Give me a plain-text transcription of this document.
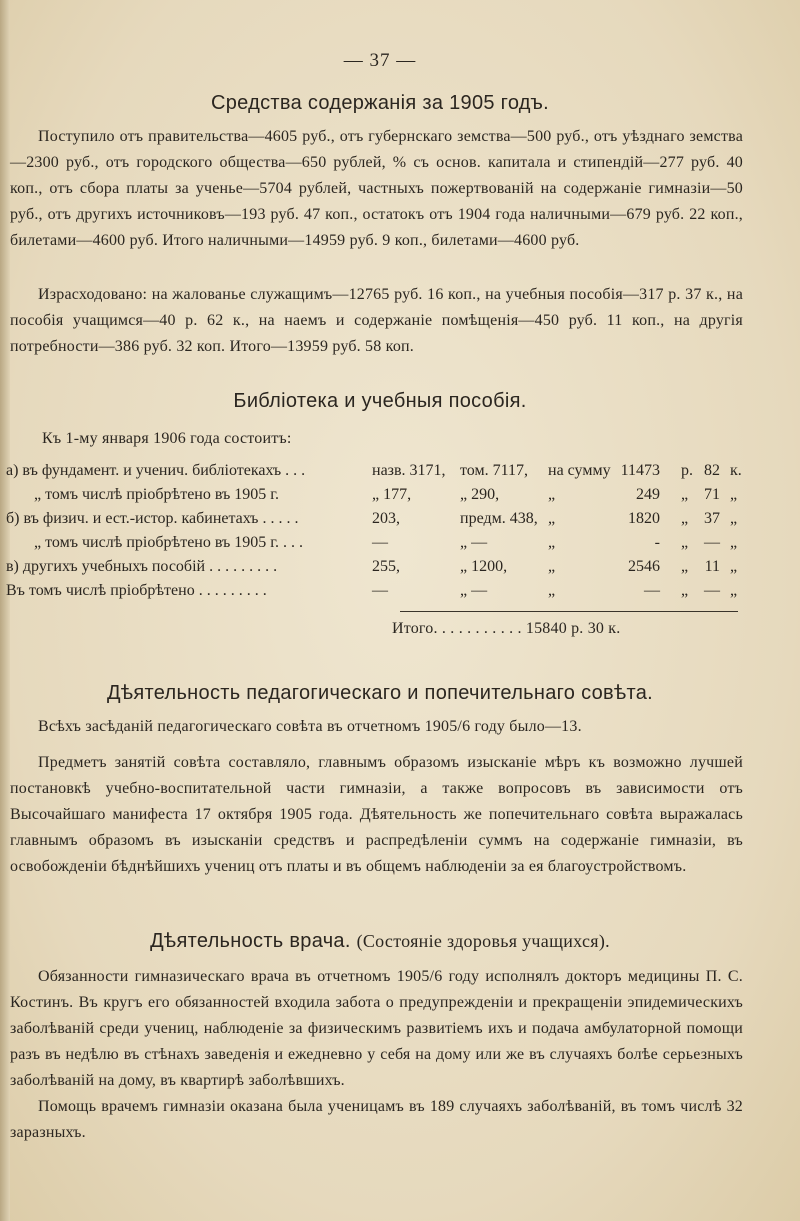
— 37 —
Средства содержанія за 1905 годъ.

Поступило отъ правительства—4605 руб., отъ губернскаго земства—500 руб., отъ уѣзднаго земства—2300 руб., отъ городского общества—650 рублей, % съ основ. капитала и стипендій—277 руб. 40 коп., отъ сбора платы за ученье—5704 рублей, частныхъ пожертвованій на содержаніе гимназіи—50 руб., отъ другихъ источниковъ—193 руб. 47 коп., остатокъ отъ 1904 года наличными—679 руб. 22 коп., билетами—4600 руб. Итого наличными—14959 руб. 9 коп., билетами—4600 руб.

Израсходовано: на жалованье служащимъ—12765 руб. 16 коп., на учебныя пособія—317 р. 37 к., на пособія учащимся—40 р. 62 к., на наемъ и содержаніе помѣщенія—450 руб. 11 коп., на другія потребности—386 руб. 32 коп. Итого—13959 руб. 58 коп.

Библіотека и учебныя пособія.
Къ 1-му января 1906 года состоитъ:
а) въ фундамент. и ученич. библіотекахъ . . .	назв. 3171, том. 7117, на сумму 11473 р. 82 к.
„ томъ числѣ пріобрѣтено въ 1905 г.	„ 177,	„ 290,	„	249 „ 71 „
б) въ физич. и ест.-истор. кабинетахъ . . . . .	203,	предм. 438, „	1820 „ 37 „
„ томъ числѣ пріобрѣтено въ 1905 г. . . .	—	„ —	„	- „ — „
в) другихъ учебныхъ пособій . . . . . . . . .	255,	„ 1200,	„	2546 „ 11 „
Въ томъ числѣ пріобрѣтено . . . . . . . . .	—	„ —	„	— „ — „
Итого. . . . . . . . . . . 15840 р. 30 к.
Дѣятельность педагогическаго и попечительнаго совѣта.

Всѣхъ засѣданій педагогическаго совѣта въ отчетномъ 1905/6 году было—13.

Предметъ занятій совѣта составляло, главнымъ образомъ изысканіе мѣръ къ возможно лучшей постановкѣ учебно-воспитательной части гимназіи, а также вопросовъ въ зависимости отъ Высочайшаго манифеста 17 октября 1905 года. Дѣятельность же попечительнаго совѣта выражалась главнымъ образомъ въ изысканіи средствъ и распредѣленіи суммъ на содержаніе гимназіи, въ освобожденіи бѣднѣйшихъ учениц отъ платы и въ общемъ наблюденіи за ея благоустройствомъ.

Дѣятельность врача. (Состояніе здоровья учащихся).

Обязанности гимназическаго врача въ отчетномъ 1905/6 году исполнялъ докторъ медицины П. С. Костинъ. Въ кругъ его обязанностей входила забота о предупрежденіи и прекращеніи эпидемическихъ заболѣваній среди учениц, наблюденіе за физическимъ развитіемъ ихъ и подача амбулаторной помощи разъ въ недѣлю въ стѣнахъ заведенія и ежедневно у себя на дому или же въ случаяхъ болѣе серьезныхъ заболѣваній на дому, въ квартирѣ заболѣвшихъ.

Помощь врачемъ гимназіи оказана была ученицамъ въ 189 случаяхъ заболѣваній, въ томъ числѣ 32 заразныхъ.
